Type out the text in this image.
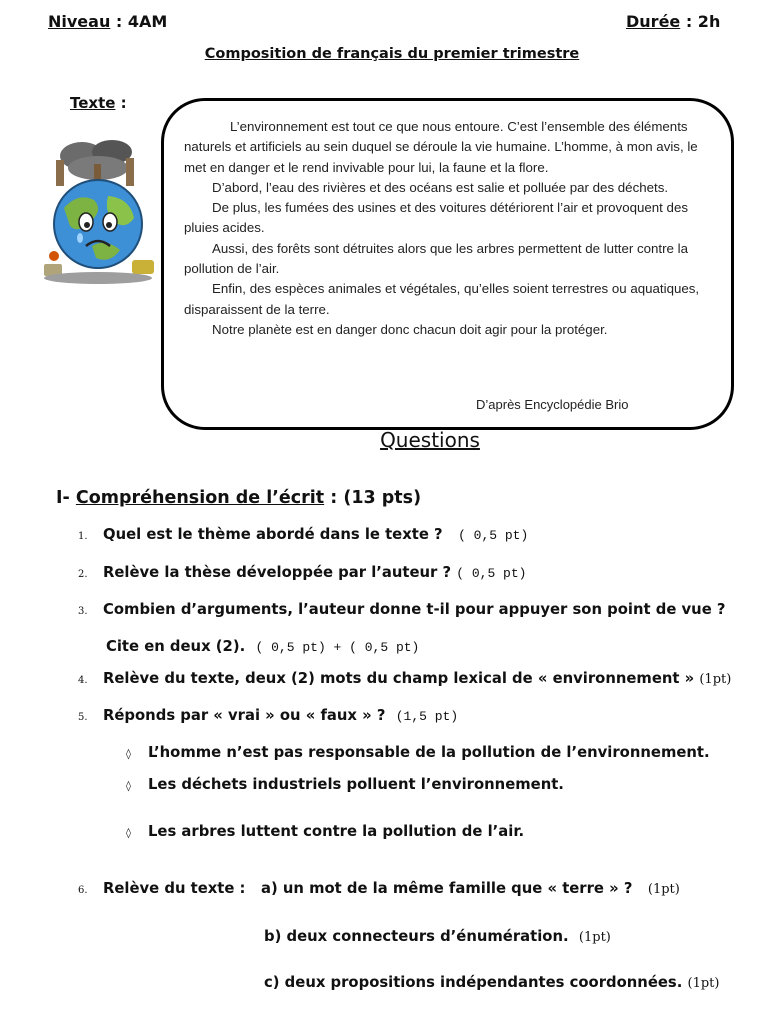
Niveau : 4AM	Durée : 2h
Composition de français du premier trimestre
Texte :

L’environnement est tout ce que nous entoure. C’est l’ensemble des éléments naturels et artificiels au sein duquel se déroule la vie humaine. L’homme, à mon avis, le met en danger et le rend invivable pour lui, la faune et la flore.

D’abord, l’eau des rivières et des océans est salie et polluée par des déchets.

De plus, les fumées des usines et des voitures détériorent l’air et provoquent des pluies acides.

Aussi, des forêts sont détruites alors que les arbres permettent de lutter contre la pollution de l’air.

Enfin, des espèces animales et végétales, qu’elles soient terrestres ou aquatiques, disparaissent de la terre.

Notre planète est en danger donc chacun doit agir pour la protéger.

D’après Encyclopédie Brio
Questions
I- Compréhension de l’écrit : (13 pts)
1. Quel est le thème abordé dans le texte ? ( 0,5 pt)
2. Relève la thèse développée par l’auteur ? ( 0,5 pt)
3. Combien d’arguments, l’auteur donne t-il pour appuyer son point de vue ?
Cite en deux (2). ( 0,5 pt) + ( 0,5 pt)
4. Relève du texte, deux (2) mots du champ lexical de « environnement » (1pt)
5. Réponds par « vrai » ou « faux » ? (1,5 pt)
◊ L’homme n’est pas responsable de la pollution de l’environnement.
◊ Les déchets industriels polluent l’environnement.
◊ Les arbres luttent contre la pollution de l’air.
6. Relève du texte : a) un mot de la même famille que « terre » ? (1pt)
b) deux connecteurs d’énumération. (1pt)
c) deux propositions indépendantes coordonnées. (1pt)
